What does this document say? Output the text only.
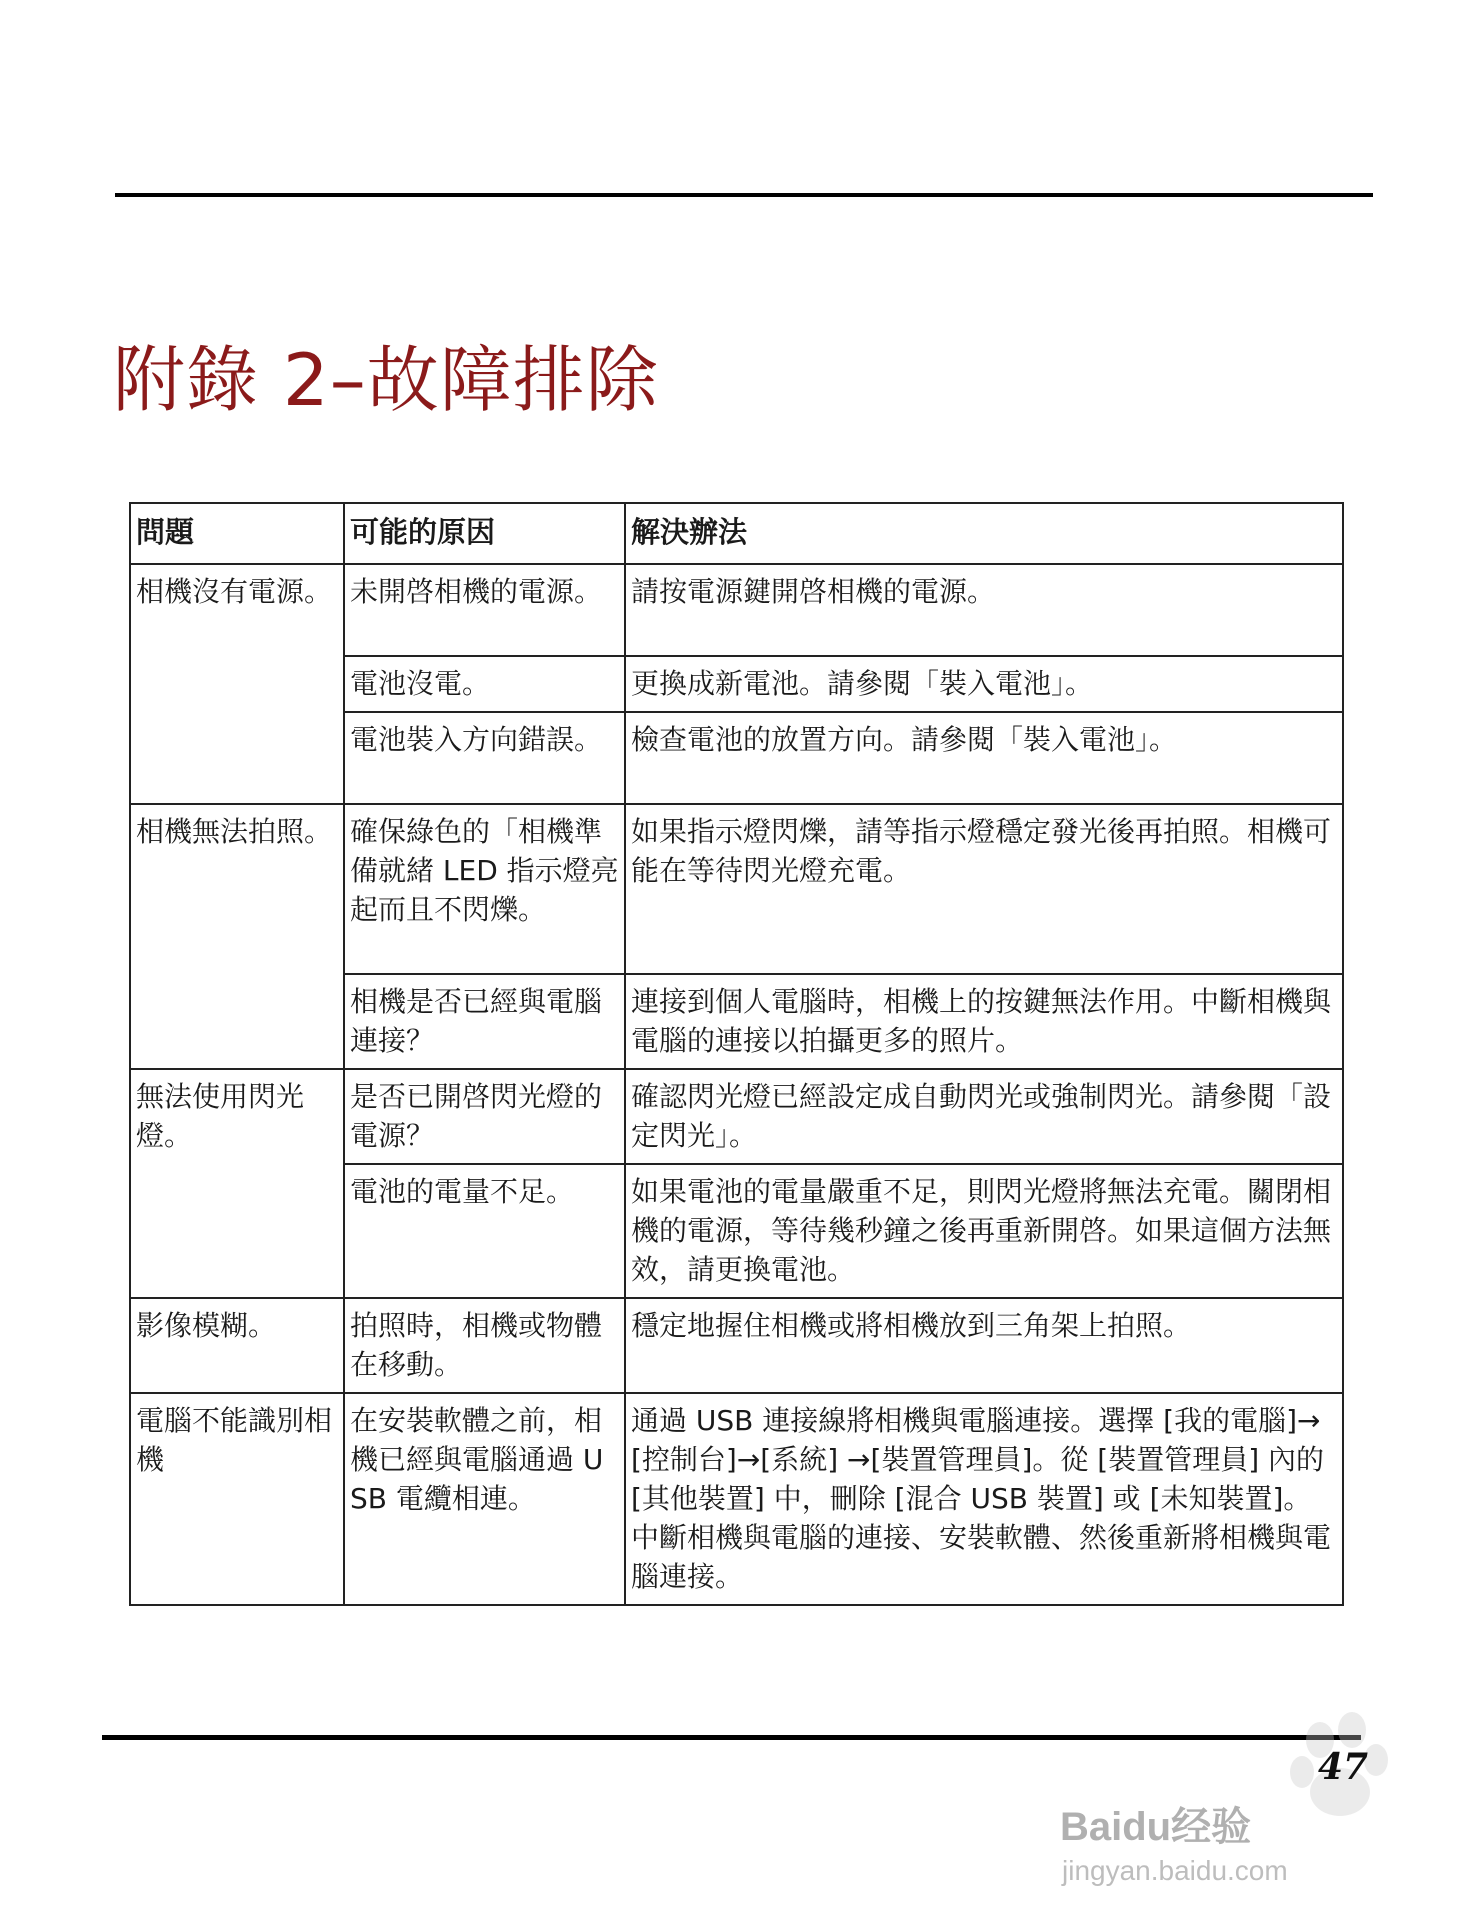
附錄 2–故障排除
問題	可能的原因	解決辦法
相機沒有電源。	未開啓相機的電源。	請按電源鍵開啓相機的電源。
	電池沒電。	更換成新電池。請參閱「裝入電池」。
	電池裝入方向錯誤。	檢查電池的放置方向。請參閱「裝入電池」。
相機無法拍照。	確保綠色的「相機準備就緒 LED 指示燈亮起而且不閃爍。	如果指示燈閃爍，請等指示燈穩定發光後再拍照。相機可能在等待閃光燈充電。
	相機是否已經與電腦連接？	連接到個人電腦時，相機上的按鍵無法作用。中斷相機與電腦的連接以拍攝更多的照片。
無法使用閃光燈。	是否已開啓閃光燈的電源？	確認閃光燈已經設定成自動閃光或強制閃光。請參閱「設定閃光」。
	電池的電量不足。	如果電池的電量嚴重不足，則閃光燈將無法充電。關閉相機的電源，等待幾秒鐘之後再重新開啓。如果這個方法無效，請更換電池。
影像模糊。	拍照時，相機或物體在移動。	穩定地握住相機或將相機放到三角架上拍照。
電腦不能識別相機	在安裝軟體之前，相機已經與電腦通過 USB 電纜相連。	通過 USB 連接線將相機與電腦連接。選擇 [我的電腦]→[控制台]→[系統] →[裝置管理員]。從 [裝置管理員] 內的 [其他裝置] 中，刪除 [混合 USB 裝置] 或 [未知裝置]。中斷相機與電腦的連接、安裝軟體、然後重新將相機與電腦連接。
Baidu经验
jingyan.baidu.com
47
